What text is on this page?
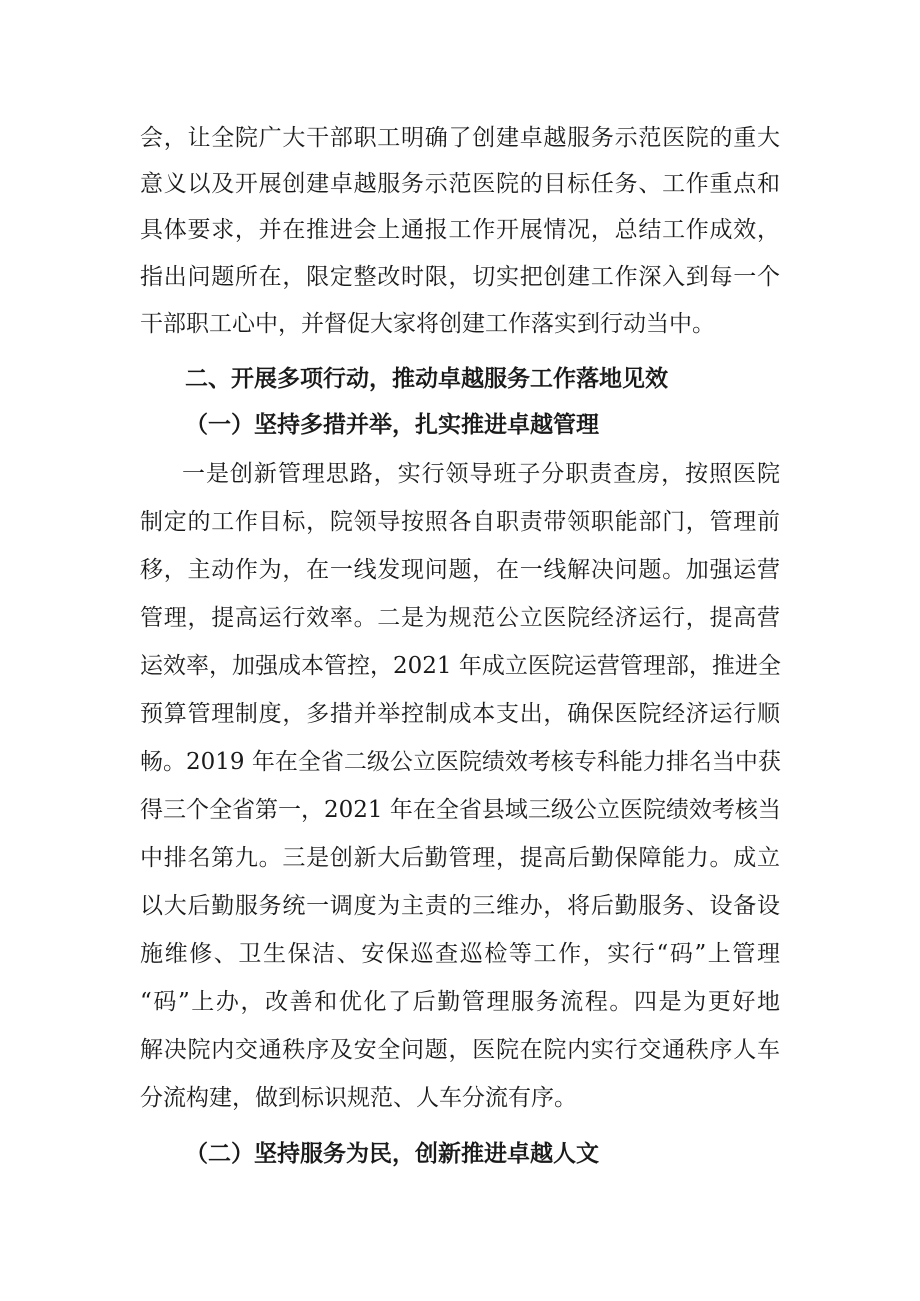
会，让全院广大干部职工明确了创建卓越服务示范医院的重大
意义以及开展创建卓越服务示范医院的目标任务、工作重点和
具体要求，并在推进会上通报工作开展情况，总结工作成效，
指出问题所在，限定整改时限，切实把创建工作深入到每一个
干部职工心中，并督促大家将创建工作落实到行动当中。
二、开展多项行动，推动卓越服务工作落地见效
（一）坚持多措并举，扎实推进卓越管理
一是创新管理思路，实行领导班子分职责查房，按照医院
制定的工作目标，院领导按照各自职责带领职能部门，管理前
移，主动作为，在一线发现问题，在一线解决问题。加强运营
管理，提高运行效率。二是为规范公立医院经济运行，提高营
运效率，加强成本管控，2021 年成立医院运营管理部，推进全
预算管理制度，多措并举控制成本支出，确保医院经济运行顺
畅。2019 年在全省二级公立医院绩效考核专科能力排名当中获
得三个全省第一，2021 年在全省县域三级公立医院绩效考核当
中排名第九。三是创新大后勤管理，提高后勤保障能力。成立
以大后勤服务统一调度为主责的三维办，将后勤服务、设备设
施维修、卫生保洁、安保巡查巡检等工作，实行“码”上管理
“码”上办，改善和优化了后勤管理服务流程。四是为更好地
解决院内交通秩序及安全问题，医院在院内实行交通秩序人车
分流构建，做到标识规范、人车分流有序。
（二）坚持服务为民，创新推进卓越人文
